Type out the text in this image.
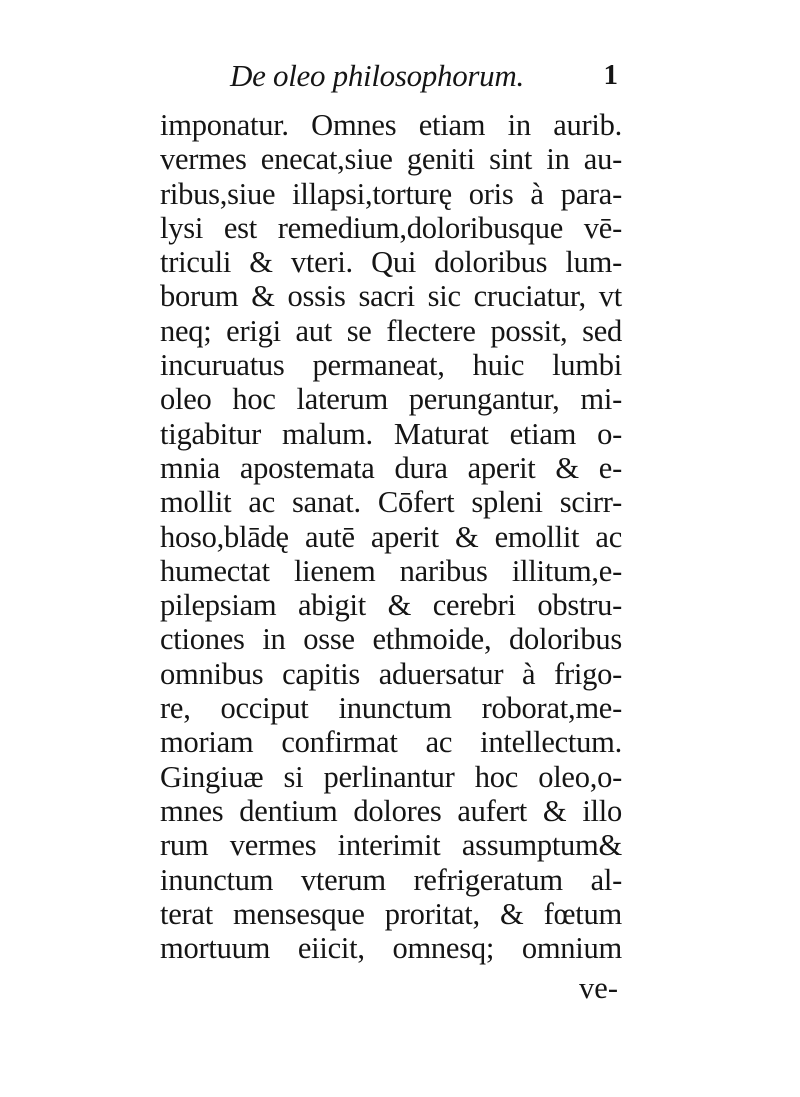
De oleo philosophorum.	1
imponatur. Omnes etiam in aurib.
vermes enecat,siue geniti sint in au-
ribus,siue illapsi,torturę oris à para-
lysi est remedium,doloribusque vē-
triculi & vteri. Qui doloribus lum-
borum & ossis sacri sic cruciatur, vt
neq; erigi aut se flectere possit, sed
incuruatus permaneat, huic lumbi
oleo hoc laterum perungantur, mi-
tigabitur malum. Maturat etiam o-
mnia apostemata dura aperit & e-
mollit ac sanat. Cōfert spleni scirr-
hoso,blādę autē aperit & emollit ac
humectat lienem naribus illitum,e-
pilepsiam abigit & cerebri obstru-
ctiones in osse ethmoide, doloribus
omnibus capitis aduersatur à frigo-
re, occiput inunctum roborat,me-
moriam confirmat ac intellectum.
Gingiuæ si perlinantur hoc oleo,o-
mnes dentium dolores aufert & illo
rum vermes interimit assumptum&
inunctum vterum refrigeratum al-
terat mensesque proritat, & fœtum
mortuum eiicit, omnesq; omnium
ve-
